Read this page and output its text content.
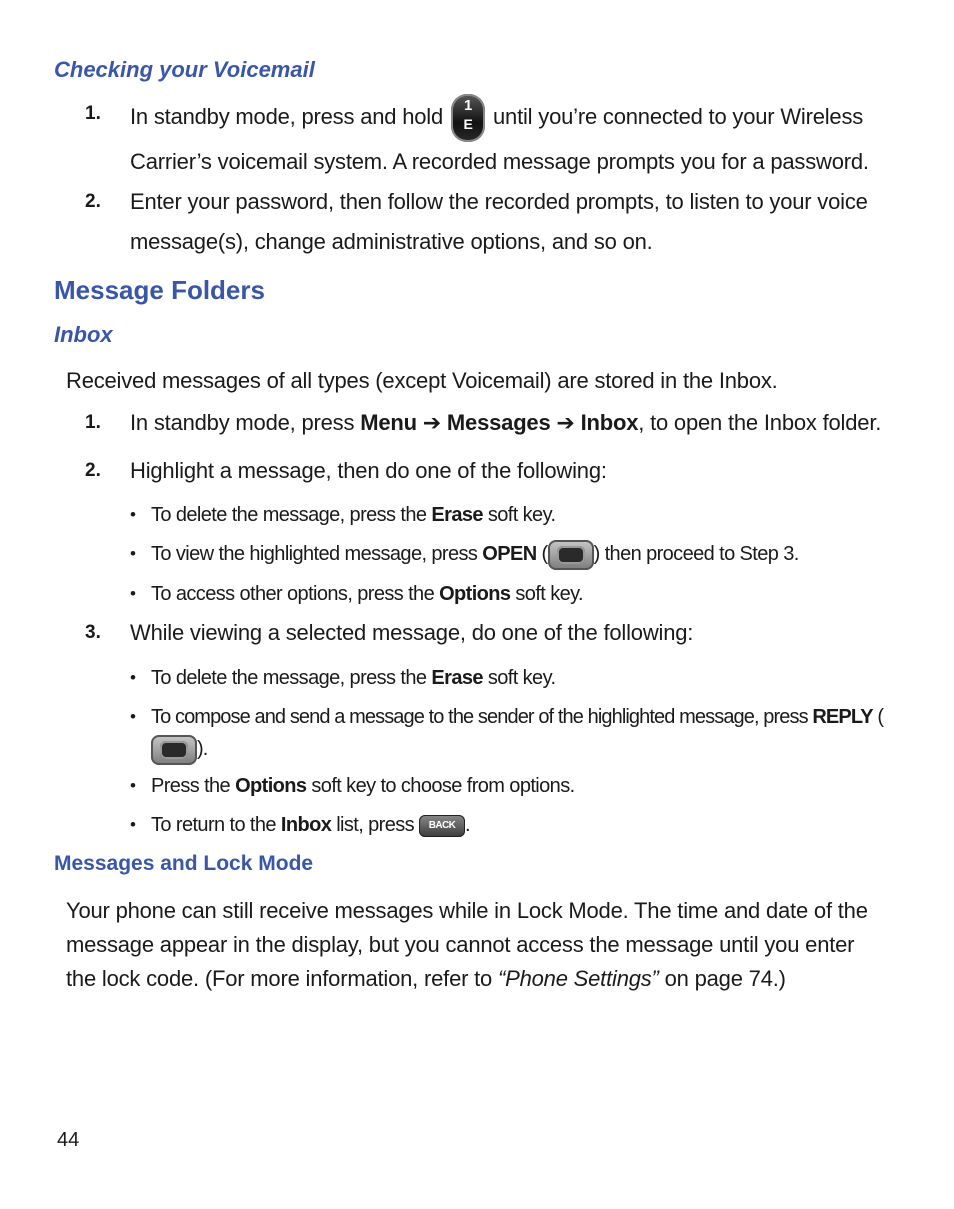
Checking your Voicemail
1. In standby mode, press and hold	1
E until you’re connected to your Wireless Carrier’s voicemail system. A recorded message prompts you for a password.

2. Enter your password, then follow the recorded prompts, to listen to your voice message(s), change administrative options, and so on.

Message Folders
Inbox

Received messages of all types (except Voicemail) are stored in the Inbox.

1. In standby mode, press Menu ➔ Messages ➔ Inbox, to open the Inbox folder.

2. Highlight a message, then do one of the following:

• To delete the message, press the Erase soft key.

• To view the highlighted message, press OPEN ( ) then proceed to Step 3.

• To access other options, press the Options soft key.

3. While viewing a selected message, do one of the following:

• To delete the message, press the Erase soft key.

• To compose and send a message to the sender of the highlighted message, press REPLY (
).

• Press the Options soft key to choose from options.

• To return to the Inbox list, press BACK .

Messages and Lock Mode

Your phone can still receive messages while in Lock Mode. The time and date of the message appear in the display, but you cannot access the message until you enter the lock code. (For more information, refer to “Phone Settings” on page 74.)

44
